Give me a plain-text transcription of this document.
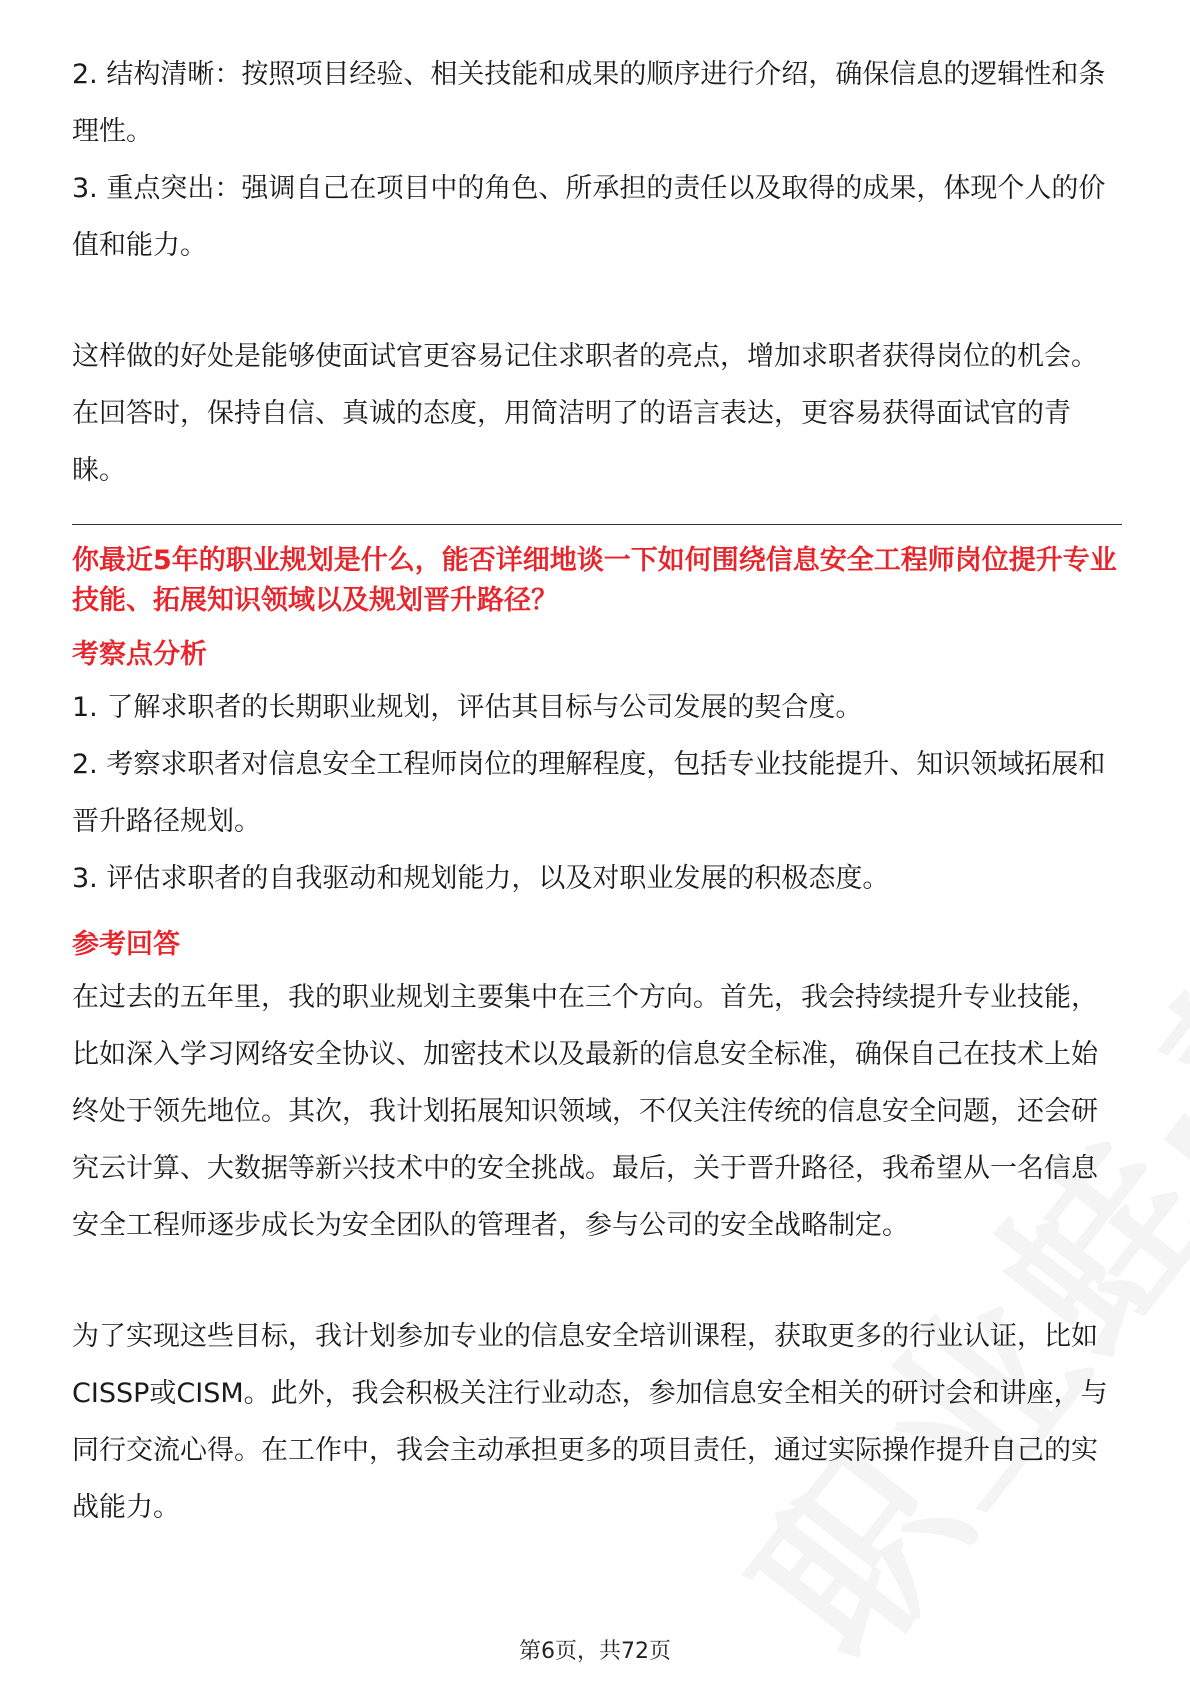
2. 结构清晰：按照项目经验、相关技能和成果的顺序进行介绍，确保信息的逻辑性和条理性。

3. 重点突出：强调自己在项目中的角色、所承担的责任以及取得的成果，体现个人的价值和能力。

这样做的好处是能够使面试官更容易记住求职者的亮点，增加求职者获得岗位的机会。在回答时，保持自信、真诚的态度，用简洁明了的语言表达，更容易获得面试官的青睐。

你最近5年的职业规划是什么，能否详细地谈一下如何围绕信息安全工程师岗位提升专业技能、拓展知识领域以及规划晋升路径？

考察点分析

1. 了解求职者的长期职业规划，评估其目标与公司发展的契合度。

2. 考察求职者对信息安全工程师岗位的理解程度，包括专业技能提升、知识领域拓展和晋升路径规划。

3. 评估求职者的自我驱动和规划能力，以及对职业发展的积极态度。

参考回答

在过去的五年里，我的职业规划主要集中在三个方向。首先，我会持续提升专业技能，比如深入学习网络安全协议、加密技术以及最新的信息安全标准，确保自己在技术上始终处于领先地位。其次，我计划拓展知识领域，不仅关注传统的信息安全问题，还会研究云计算、大数据等新兴技术中的安全挑战。最后，关于晋升路径，我希望从一名信息安全工程师逐步成长为安全团队的管理者，参与公司的安全战略制定。

为了实现这些目标，我计划参加专业的信息安全培训课程，获取更多的行业认证，比如CISSP或CISM。此外，我会积极关注行业动态，参加信息安全相关的研讨会和讲座，与同行交流心得。在工作中，我会主动承担更多的项目责任，通过实际操作提升自己的实战能力。

第6页，共72页
